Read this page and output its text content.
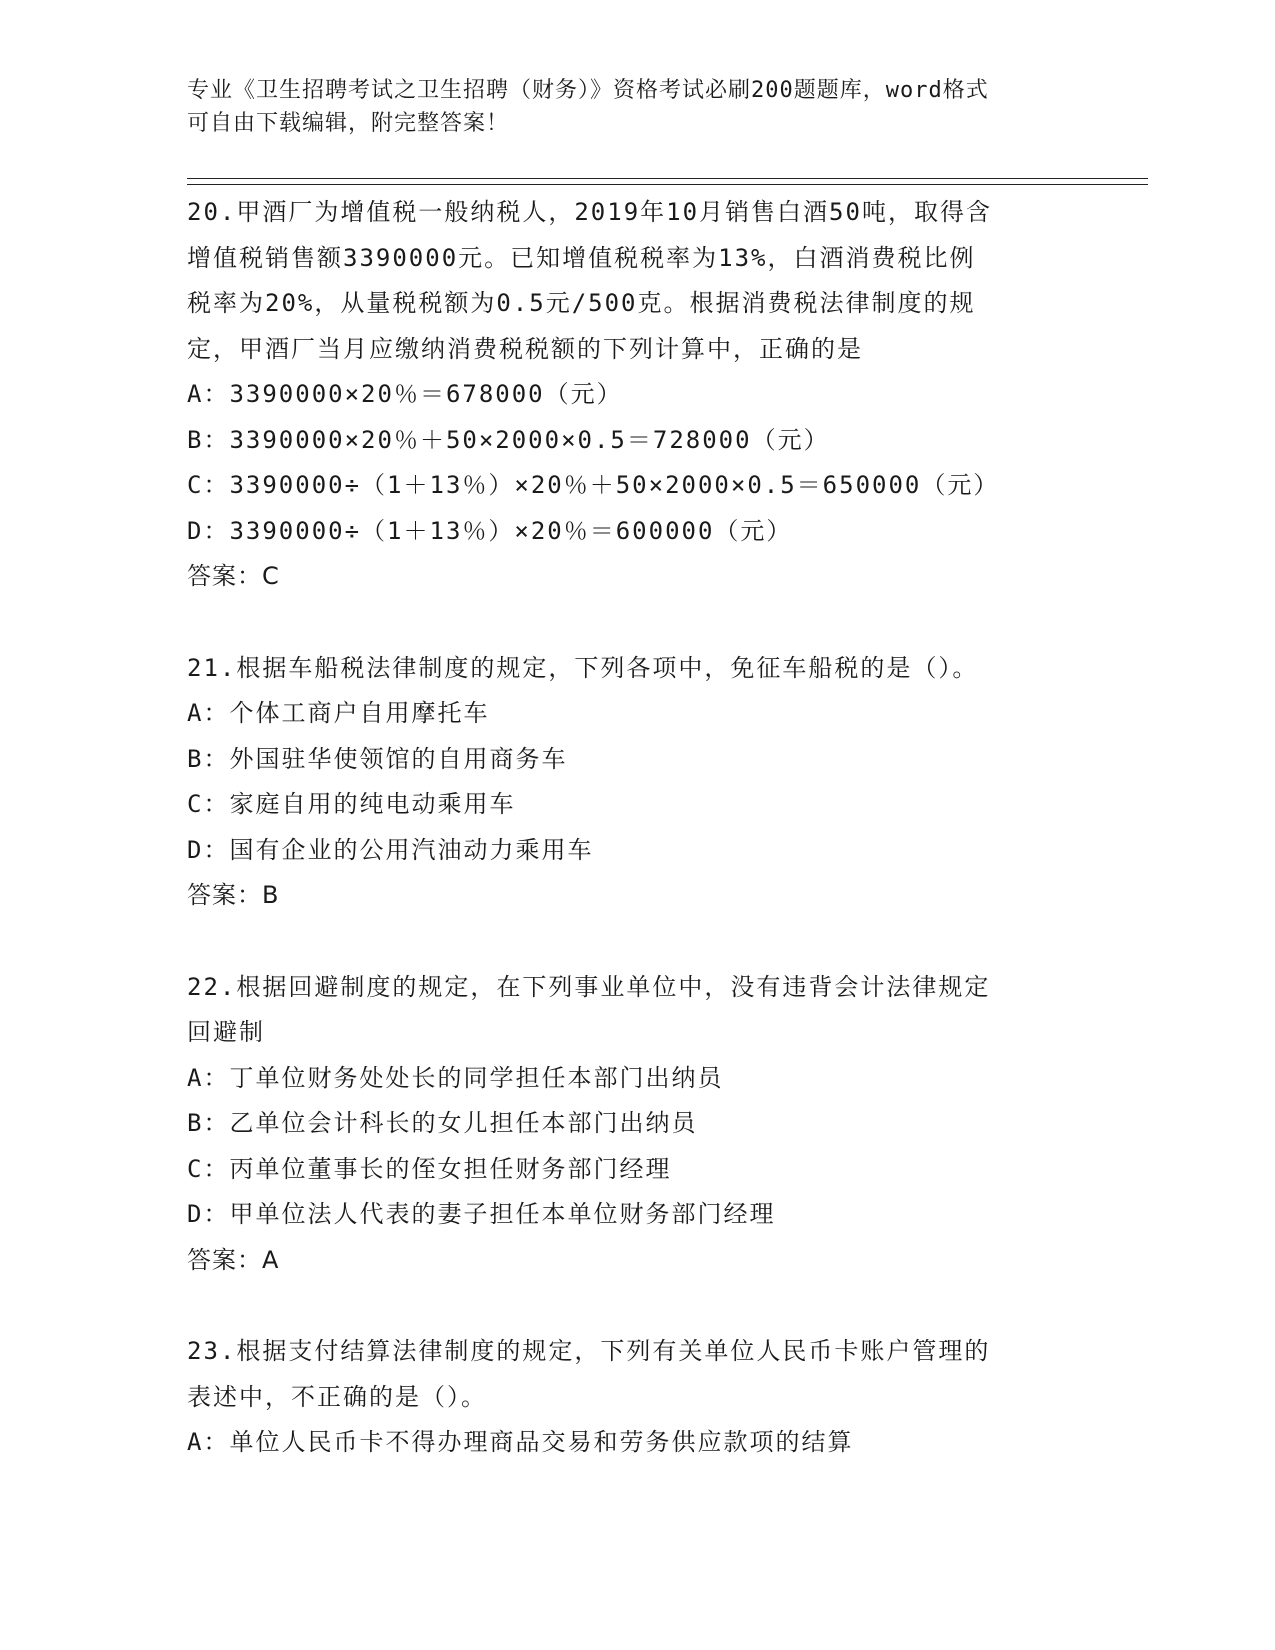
专业《卫生招聘考试之卫生招聘（财务）》资格考试必刷200题题库，word格式
可自由下载编辑，附完整答案！
20.甲酒厂为增值税一般纳税人，2019年10月销售白酒50吨，取得含
增值税销售额3390000元。已知增值税税率为13%，白酒消费税比例
税率为20%，从量税税额为0.5元/500克。根据消费税法律制度的规
定，甲酒厂当月应缴纳消费税税额的下列计算中，正确的是
A：3390000×20％＝678000（元）
B：3390000×20％＋50×2000×0.5＝728000（元）
C：3390000÷（1＋13％）×20％＋50×2000×0.5＝650000（元）
D：3390000÷（1＋13％）×20％＝600000（元）
答案：C
21.根据车船税法律制度的规定，下列各项中，免征车船税的是（）。
A：个体工商户自用摩托车
B：外国驻华使领馆的自用商务车
C：家庭自用的纯电动乘用车
D：国有企业的公用汽油动力乘用车
答案：B
22.根据回避制度的规定，在下列事业单位中，没有违背会计法律规定
回避制
A：丁单位财务处处长的同学担任本部门出纳员
B：乙单位会计科长的女儿担任本部门出纳员
C：丙单位董事长的侄女担任财务部门经理
D：甲单位法人代表的妻子担任本单位财务部门经理
答案：A
23.根据支付结算法律制度的规定，下列有关单位人民币卡账户管理的
表述中，不正确的是（）。
A：单位人民币卡不得办理商品交易和劳务供应款项的结算
